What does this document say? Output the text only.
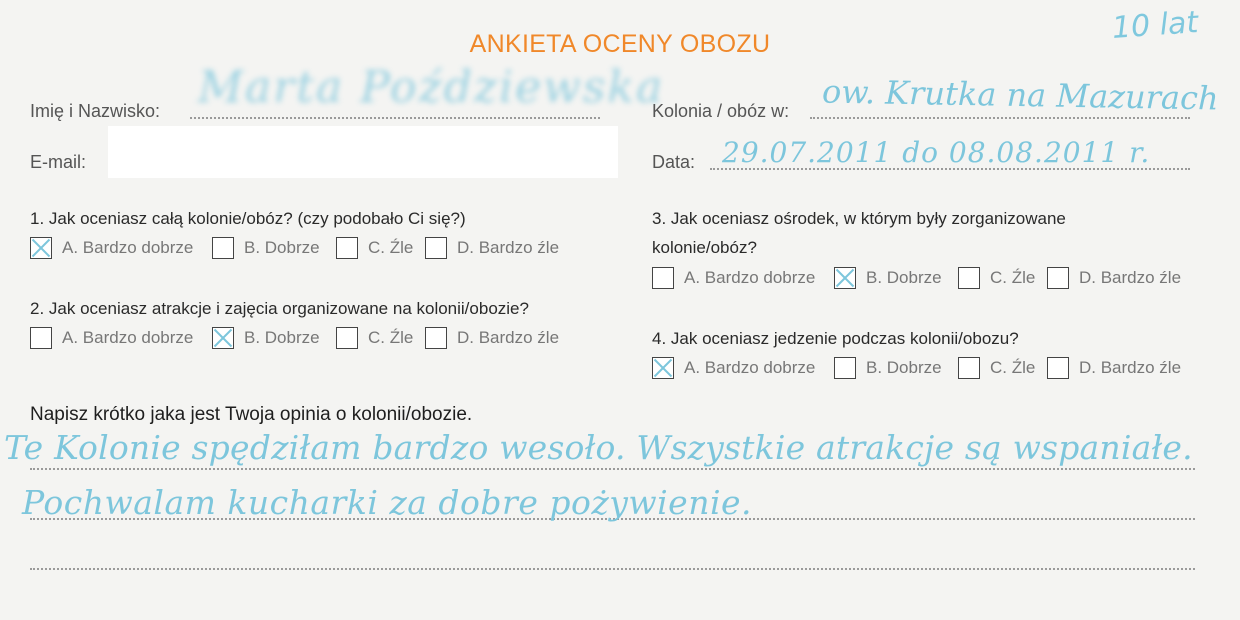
ANKIETA OCENY OBOZU	10 lat
Imię i Nazwisko: Marta Poździewska
Kolonia / obóz w: ow. Krutka na Mazurach
E-mail:	Data: 29.07.2011 do 08.08.2011 r.
1. Jak oceniasz całą kolonie/obóz? (czy podobało Ci się?)
A. Bardzo dobrze	B. Dobrze	C. Źle	D. Bardzo źle
2. Jak oceniasz atrakcje i zajęcia organizowane na kolonii/obozie?
A. Bardzo dobrze	B. Dobrze	C. Źle	D. Bardzo źle
3. Jak oceniasz ośrodek, w którym były zorganizowane
kolonie/obóz?
A. Bardzo dobrze	B. Dobrze	C. Źle	D. Bardzo źle
4. Jak oceniasz jedzenie podczas kolonii/obozu?
A. Bardzo dobrze	B. Dobrze	C. Źle	D. Bardzo źle
Napisz krótko jaka jest Twoja opinia o kolonii/obozie.
Te Kolonie spędziłam bardzo wesoło. Wszystkie atrakcje są wspaniałe.
Pochwalam kucharki za dobre pożywienie.
